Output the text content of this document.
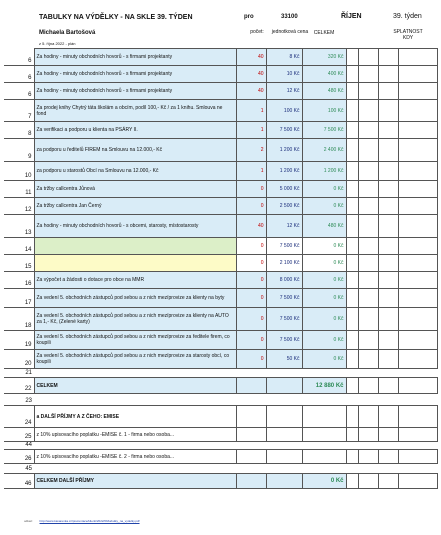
TABULKY NA VÝDĚLKY - NA SKLE 39. TÝDEN	pro	33100	ŘÍJEN	39. týden
Michaela Bartošová
z 5. října 2022 - plán
počet:	jednotková cena	CELKEM	SPLATNOST
KDY
6	Za hodiny - minuty obchodních hovorů - s firmami projektanty	40	8 Kč	320 Kč				
6	Za hodiny - minuty obchodních hovorů - s firmami projektanty	40	10 Kč	400 Kč				
6	Za hodiny - minuty obchodních hovorů - s firmami projektanty	40	12 Kč	480 Kč				
7	Za prodej knihy Chytrý táta školám a obcím, podíl 100,- Kč / za 1 knihu. Smlouva ne fond	1	100 Kč	100 Kč				
8	Za verifikaci a podporu u klienta na PSÁRY II.	1	7 500 Kč	7 500 Kč				
9	za podporu u ředitelů FIREM na Smlouvu na 12.000,- Kč	2	1 200 Kč	2 400 Kč				
10	za podporu u starostů Obcí na Smlouvu na 12.000,- Kč	1	1 200 Kč	1 200 Kč				
11	Za tržby callcentra Jůnová	0	5 000 Kč	0 Kč				
12	Za tržby callcentra Jan Černý	0	2 500 Kč	0 Kč				
13	Za hodiny - minuty obchodních hovorů - s obcemi, starosty, místostarosty	40	12 Kč	480 Kč				
14		0	7 500 Kč	0 Kč				
15		0	2 100 Kč	0 Kč				
16	Za výpočet a žádosti o dotace pro obce na MMR	0	8 000 Kč	0 Kč				
17	Za vedení 5. obchodních zástupců pod sebou a z nich mezíprovize za klienty na byty	0	7 500 Kč	0 Kč				
18	Za vedení 5. obchodních zástupců pod sebou a z nich mezíprovize za klienty na AUTO za 1,- Kč, (Zelené karty)	0	7 500 Kč	0 Kč				
19	Za vedení 5. obchodních zástupců pod sebou a z nich mezíprovize za ředitele firem, co koupili	0	7 500 Kč	0 Kč				
20	Za vedení 5. obchodních zástupců pod sebou a z nich mezíprovize za starosty obcí, co koupili	0	50 Kč	0 Kč				
21								
22	CELKEM			12 880 Kč				
23								
24	a DALŠÍ PŘÍJMY A Z ČEHO: EMISE							
25	z 10% upisovacího poplatku -EMISE č. 1 - firma nebo osoba...							
44								
26	z 10% upisovacího poplatku -EMISE č. 2 - firma nebo osoba...							
45								
46	CELKEM DALŠÍ PŘÍJMY			0 Kč				
odkaz: http://www.kavarenka.cz/prezentace/klienti/2022/09/tabulky_na_vydelky.pdf
